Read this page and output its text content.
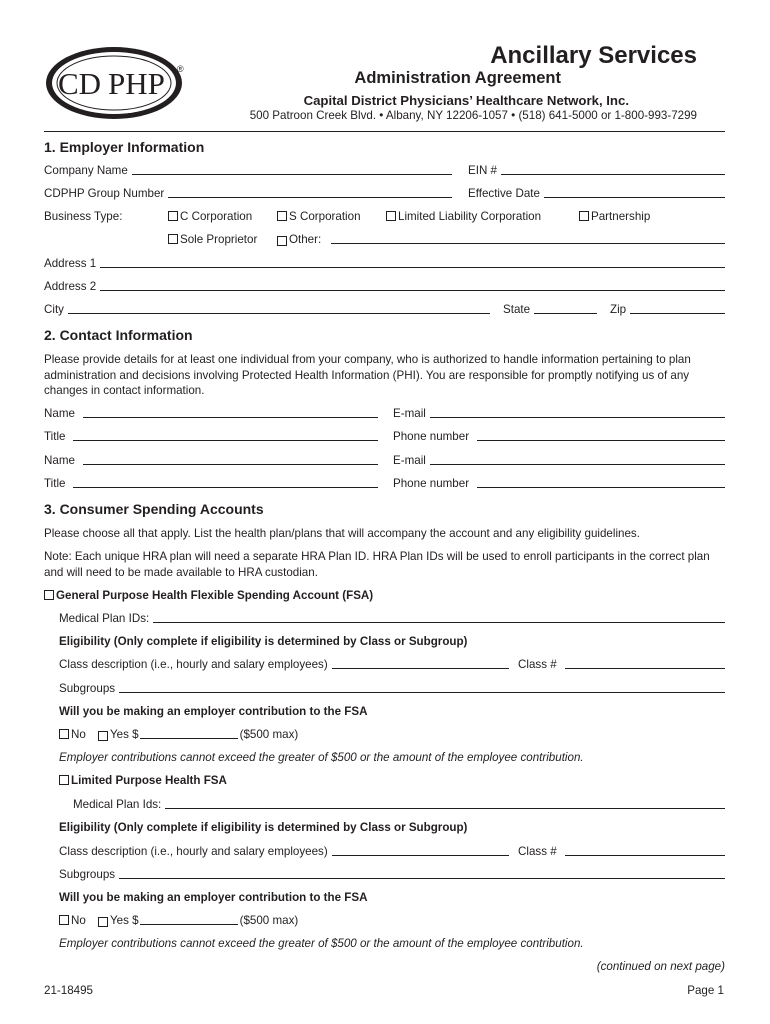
CD PHP ®	Ancillary Services
Administration Agreement
Capital District Physicians’ Healthcare Network, Inc.
500 Patroon Creek Blvd. • Albany, NY 12206-1057 • (518) 641-5000 or 1-800-993-7299
1. Employer Information
Company Name	EIN #
CDPHP Group Number	Effective Date
Business Type:	C Corporation	S Corporation	Limited Liability Corporation	Partnership
Sole Proprietor	Other:
Address 1
Address 2
City	State	Zip
2. Contact Information
Please provide details for at least one individual from your company, who is authorized to handle information pertaining to plan administration and decisions involving Protected Health Information (PHI). You are responsible for promptly notifying us of any changes in contact information.
Name	E-mail
Title	Phone number
Name	E-mail
Title	Phone number
3. Consumer Spending Accounts
Please choose all that apply. List the health plan/plans that will accompany the account and any eligibility guidelines.
Note: Each unique HRA plan will need a separate HRA Plan ID. HRA Plan IDs will be used to enroll participants in the correct plan and will need to be made available to HRA custodian.
General Purpose Health Flexible Spending Account (FSA)
Medical Plan IDs:
Eligibility (Only complete if eligibility is determined by Class or Subgroup)
Class description (i.e., hourly and salary employees)	Class #
Subgroups
Will you be making an employer contribution to the FSA
No Yes $	($500 max)
Employer contributions cannot exceed the greater of $500 or the amount of the employee contribution.
Limited Purpose Health FSA
Medical Plan Ids:
Eligibility (Only complete if eligibility is determined by Class or Subgroup)
Class description (i.e., hourly and salary employees)	Class #
Subgroups
Will you be making an employer contribution to the FSA
No Yes $	($500 max)
Employer contributions cannot exceed the greater of $500 or the amount of the employee contribution.
(continued on next page)
21-18495	Page 1
